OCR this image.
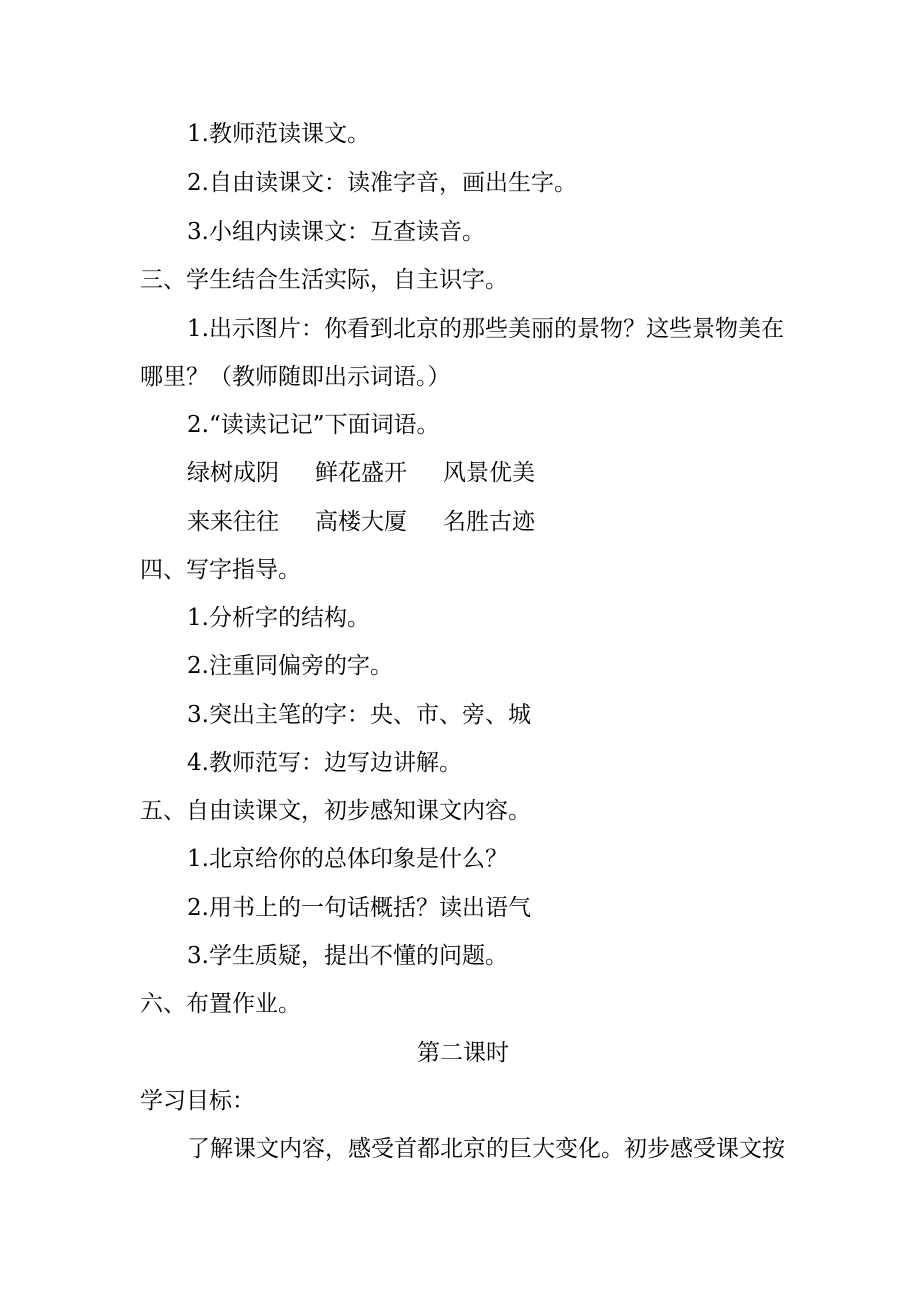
1.教师范读课文。
2.自由读课文：读准字音，画出生字。
3.小组内读课文：互查读音。
三、学生结合生活实际，自主识字。
1.出示图片：你看到北京的那些美丽的景物？这些景物美在
哪里？（教师随即出示词语。）
2.“读读记记”下面词语。
绿树成阴 鲜花盛开 风景优美
来来往往 高楼大厦 名胜古迹
四、写字指导。
1.分析字的结构。
2.注重同偏旁的字。
3.突出主笔的字：央、市、旁、城
4.教师范写：边写边讲解。
五、自由读课文，初步感知课文内容。
1.北京给你的总体印象是什么？
2.用书上的一句话概括？读出语气
3.学生质疑，提出不懂的问题。
六、布置作业。
第二课时
学习目标：
了解课文内容，感受首都北京的巨大变化。初步感受课文按
